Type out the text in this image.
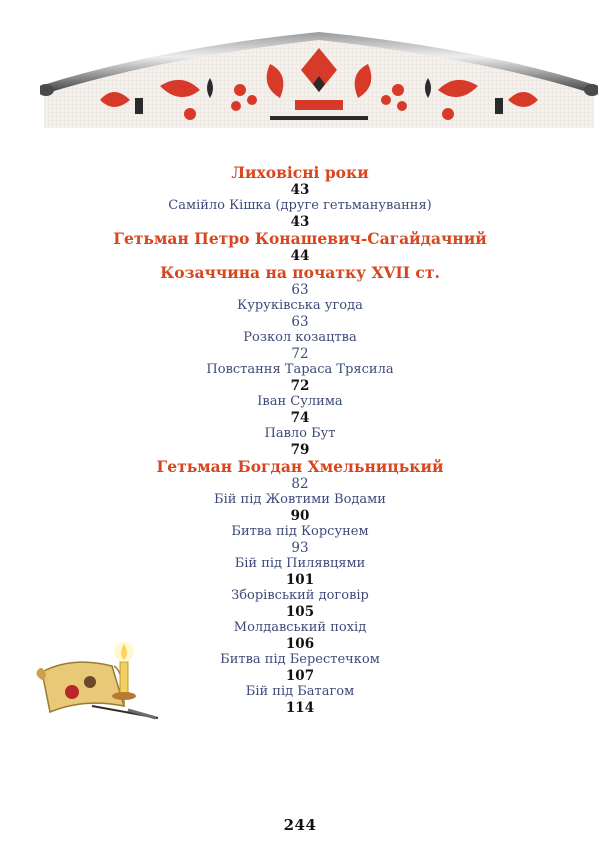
Лиховісні роки
43
Самійло Кішка (друге гетьманування)
43
Гетьман Петро Конашевич-Сагайдачний
44
Козаччина на початку XVII ст.
63
Куруківська угода
63
Розкол козацтва
72
Повстання Тараса Трясила
72
Іван Сулима
74
Павло Бут
79
Гетьман Богдан Хмельницький
82
Бій під Жовтими Водами
90
Битва під Корсунем
93
Бій під Пилявцями
101
Зборівський договір
105
Молдавський похід
106
Битва під Берестечком
107
Бій під Батагом
114
244
